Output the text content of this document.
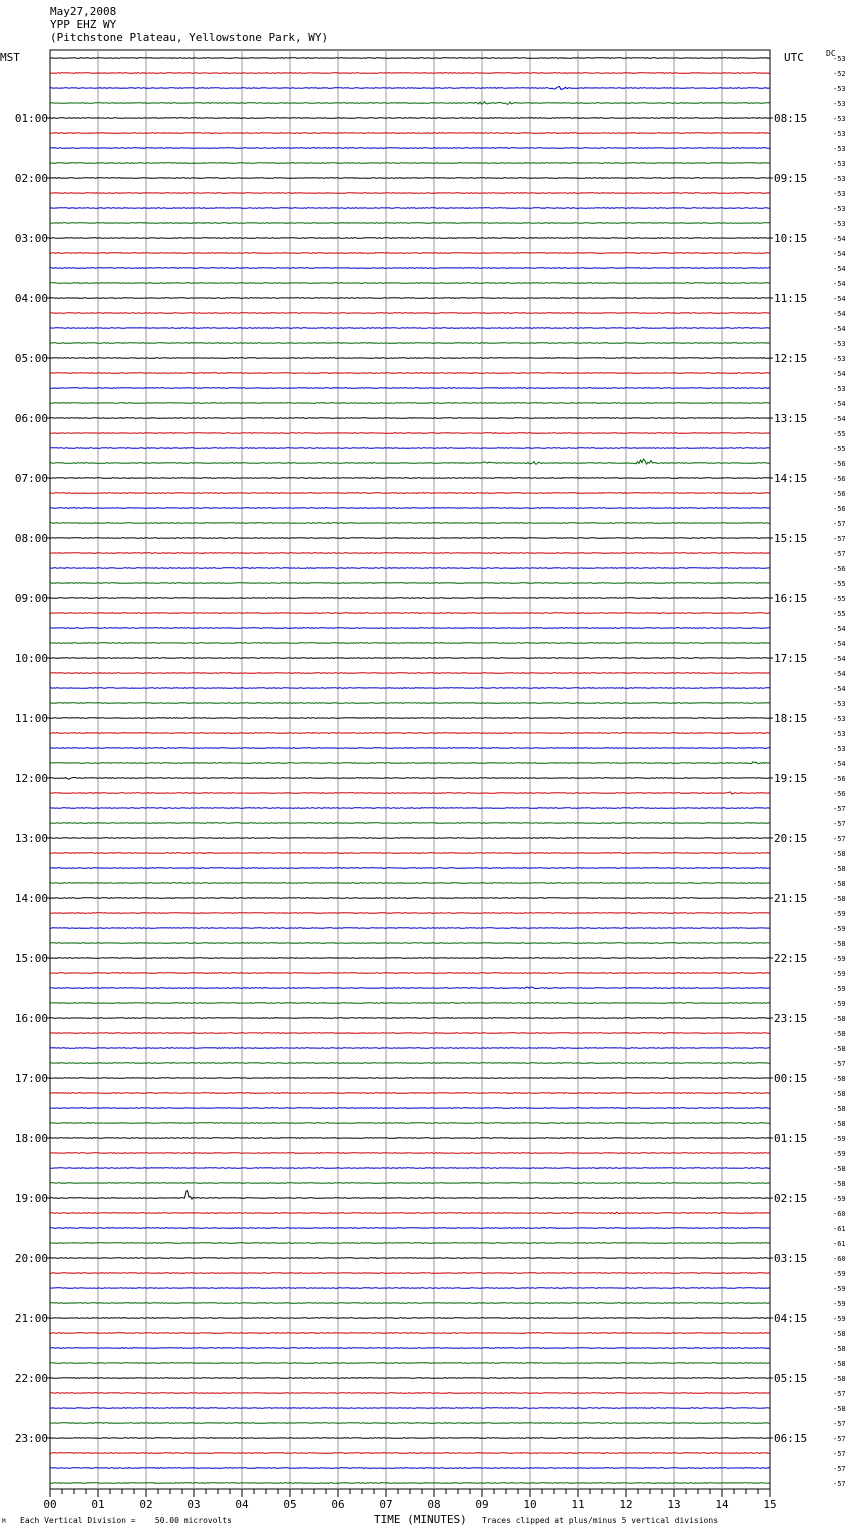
May27,2008
YPP EHZ WY
(Pitchstone Plateau, Yellowstone Park, WY)
MST	UTC	DC
-53
-52
-53
-53
-53
-53
-53
-53
-53
-53
-53
-53
-54
-54
-54
-54
-54
-54
-54
-53
-53
-54
-53
-54
-54
-55
-55
-56
-56
-56
-56
-57
-57
-57
-56
-55
-55
-55
-54
-54
-54
-54
-54
-53
-53
-53
-53
-54
-56
-56
-57
-57
-57
-58
-58
-58
-58
-59
-59
-58
-59
-59
-59
-59
-58
-58
-58
-57
-58
-58
-58
-58
-59
-59
-58
-58
-59
-60
-61
-61
-60
-59
-59
-59
-59
-58
-58
-58
-58
-57
-58
-57
-57
-57
-57
-57
01:00	08:15
02:00	09:15
03:00	10:15
04:00	11:15
05:00	12:15
06:00	13:15
07:00	14:15
08:00	15:15
09:00	16:15
10:00	17:15
11:00	18:15
12:00	19:15
13:00	20:15
14:00	21:15
15:00	22:15
16:00	23:15
17:00	00:15
18:00	01:15
19:00	02:15
20:00	03:15
21:00	04:15
22:00	05:15
23:00	06:15
00	01	02	03	04	05	06	07	08	09	10	11	12	13	14	15
TIME (MINUTES)
M Each Vertical Division =    50.00 microvolts	Traces clipped at plus/minus 5 vertical divisions
